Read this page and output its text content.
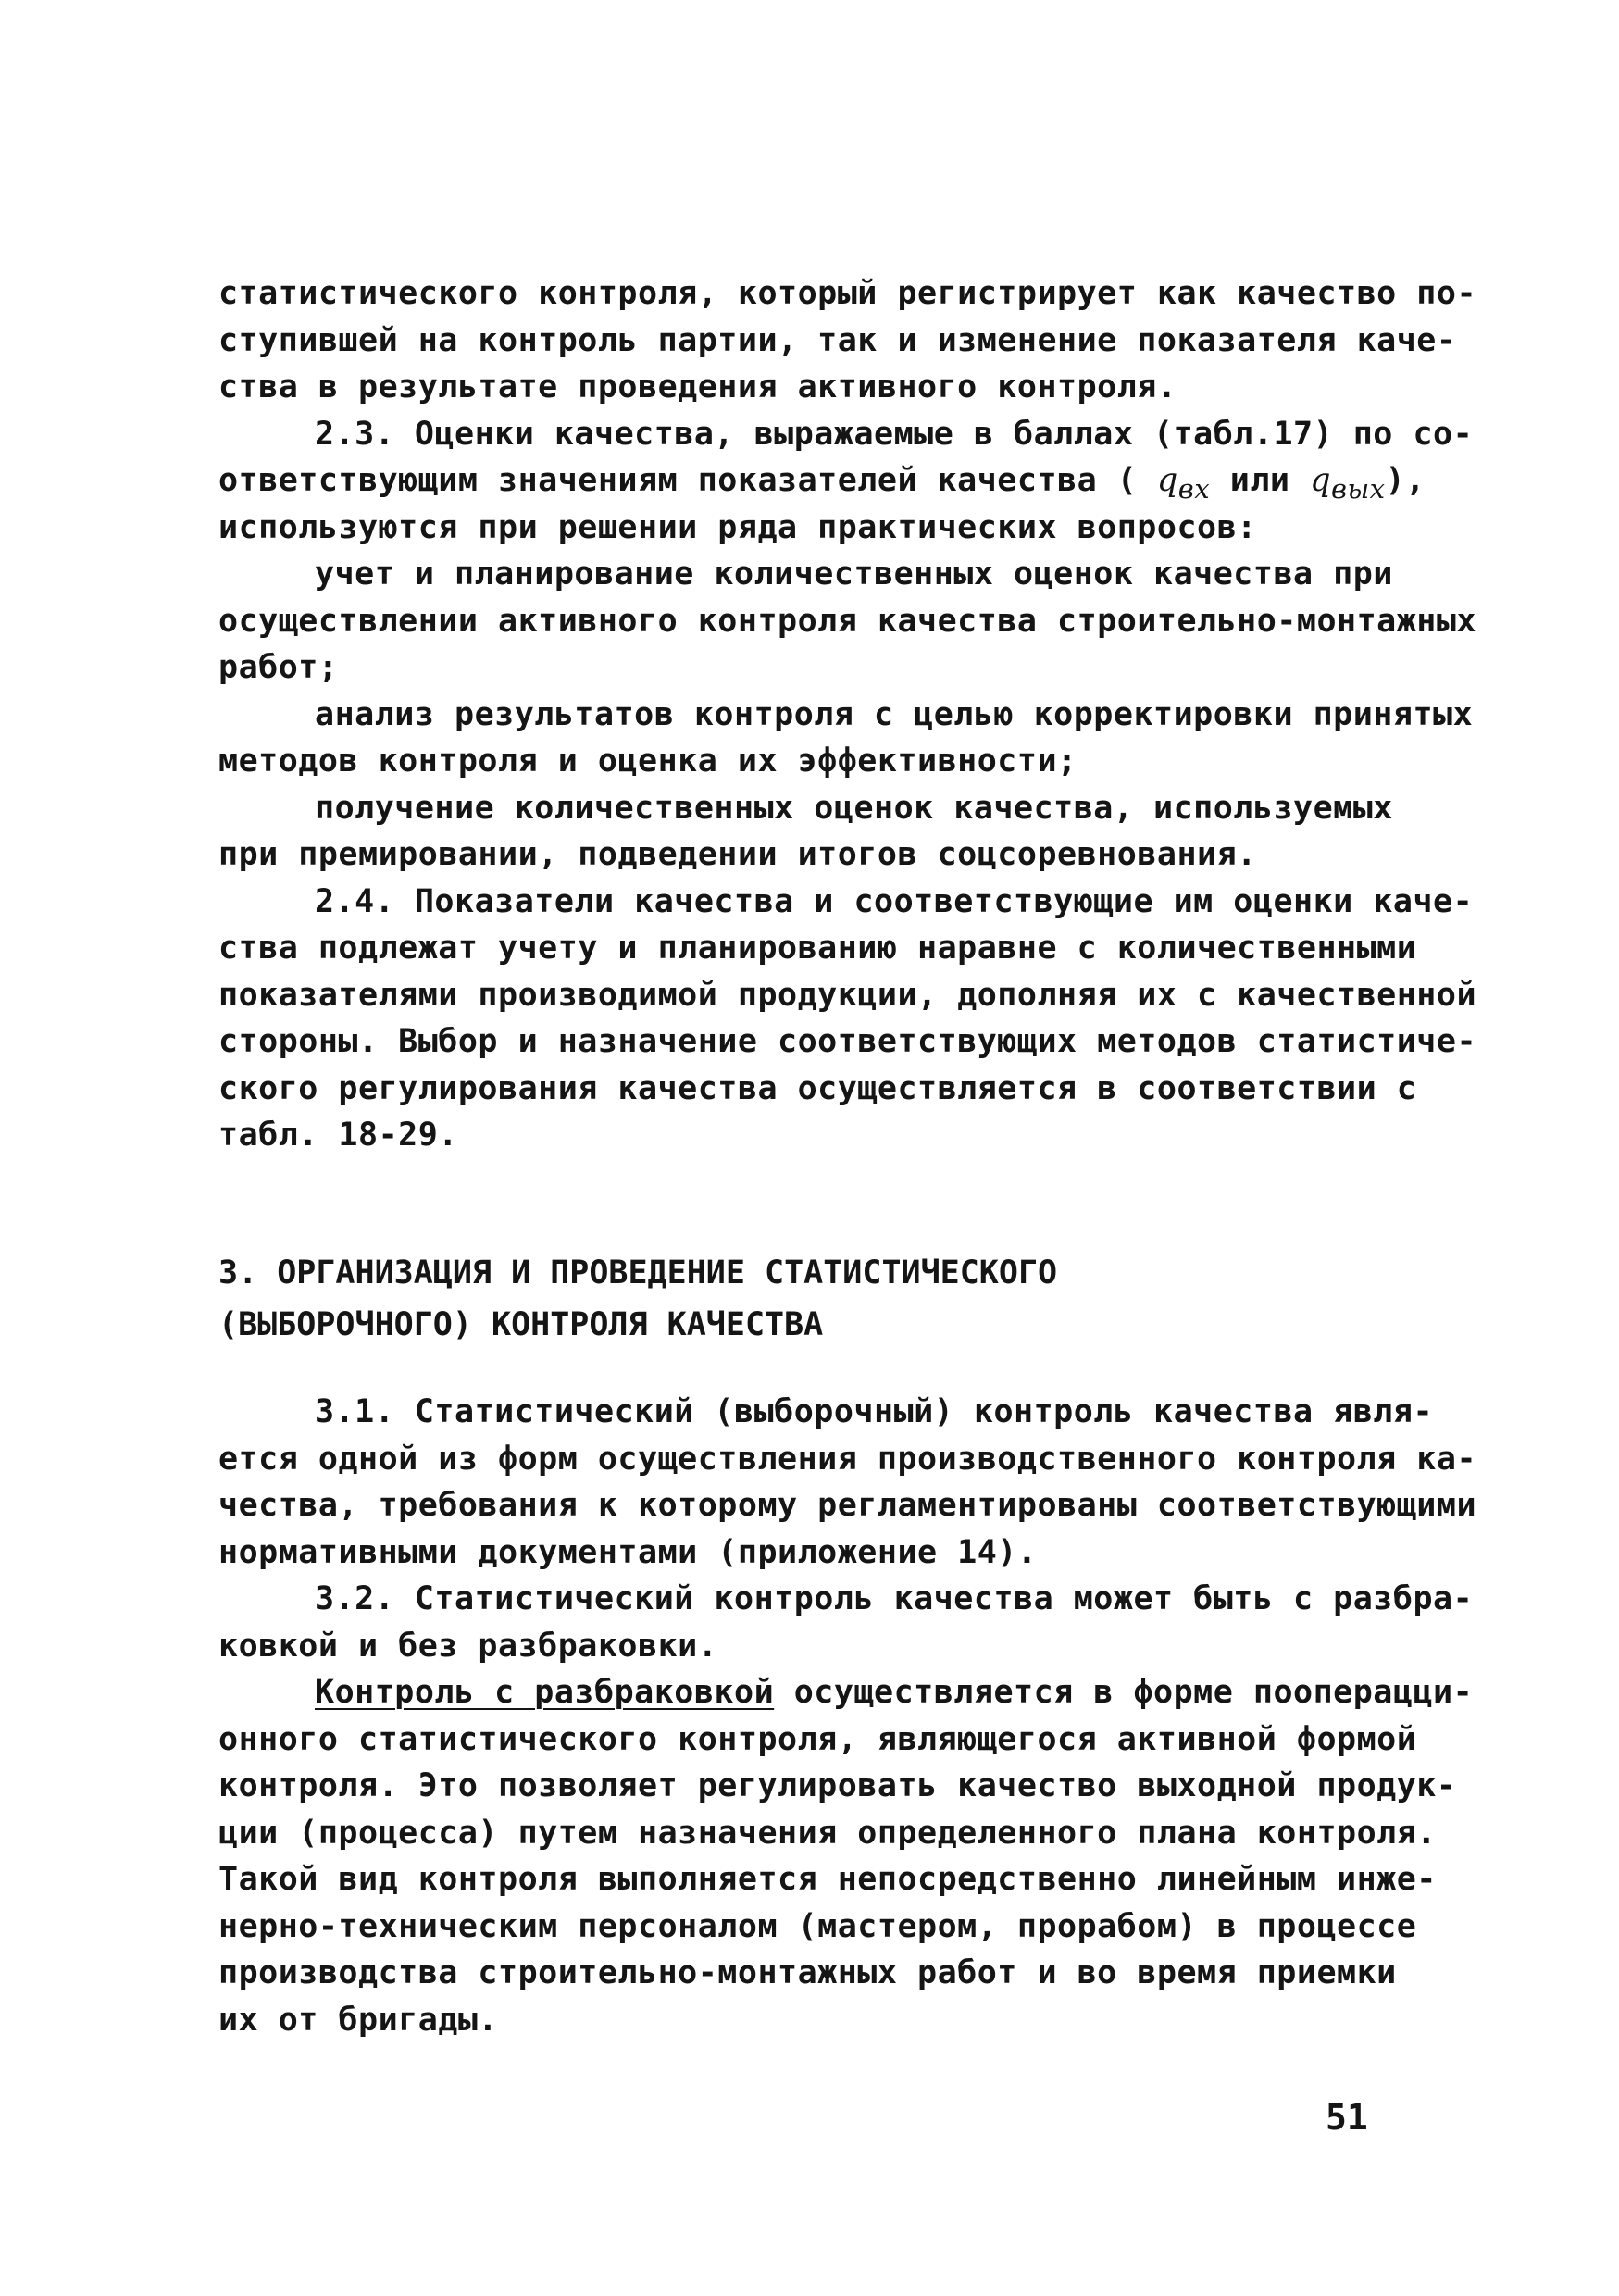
статистического контроля, который регистрирует как качество по-
ступившей на контроль партии, так и изменение показателя каче-
ства в результате проведения активного контроля.
2.3. Оценки качества, выражаемые в баллах (табл.17) по со-
ответствующим значениям показателей качества ( $q_{вх}$ или $q_{вых}$),
используются при решении ряда практических вопросов:
учет и планирование количественных оценок качества при
осуществлении активного контроля качества строительно-монтажных
работ;
анализ результатов контроля с целью корректировки принятых
методов контроля и оценка их эффективности;
получение количественных оценок качества, используемых
при премировании, подведении итогов соцсоревнования.
2.4. Показатели качества и соответствующие им оценки каче-
ства подлежат учету и планированию наравне с количественными
показателями производимой продукции, дополняя их с качественной
стороны. Выбор и назначение соответствующих методов статистиче-
ского регулирования качества осуществляется в соответствии с
табл. 18-29.
3. ОРГАНИЗАЦИЯ И ПРОВЕДЕНИЕ СТАТИСТИЧЕСКОГО
(ВЫБОРОЧНОГО) КОНТРОЛЯ КАЧЕСТВА
3.1. Статистический (выборочный) контроль качества явля-
ется одной из форм осуществления производственного контроля ка-
чества, требования к которому регламентированы соответствующими
нормативными документами (приложение 14).
3.2. Статистический контроль качества может быть с разбра-
ковкой и без разбраковки.
Контроль с разбраковкой осуществляется в форме пооперацци-
онного статистического контроля, являющегося активной формой
контроля. Это позволяет регулировать качество выходной продук-
ции (процесса) путем назначения определенного плана контроля.
Такой вид контроля выполняется непосредственно линейным инже-
нерно-техническим персоналом (мастером, прорабом) в процессе
производства строительно-монтажных работ и во время приемки
их от бригады.
51
